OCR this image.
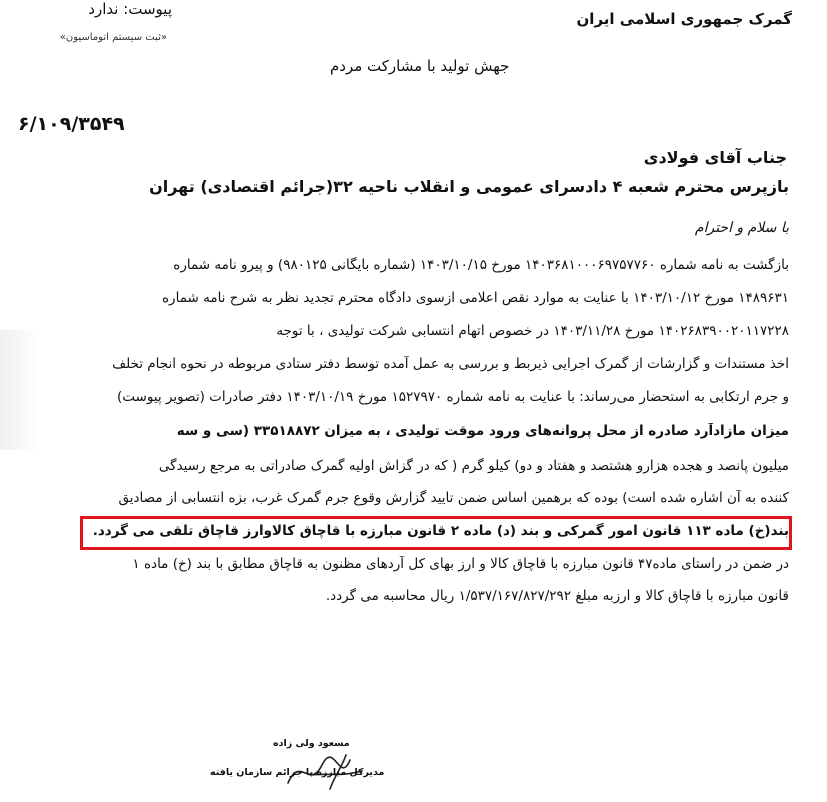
پیوست: ندارد
«ثبت سیستم اتوماسیون»
گمرک جمهوری اسلامی ایران
جهش تولید با مشارکت مردم
۶/۱۰۹/۳۵۴۹
جناب آقای فولادی
بازپرس محترم شعبه ۴ دادسرای عمومی و انقلاب ناحیه ۳۲(جرائم اقتصادی) تهران
با سلام و احترام
بازگشت به نامه شماره ۱۴۰۳۶۸۱۰۰۰۶۹۷۵۷۷۶۰ مورخ ۱۴۰۳/۱۰/۱۵ (شماره بایگانی ۹۸۰۱۲۵) و پیرو نامه شماره
۱۴۸۹۶۳۱ مورخ ۱۴۰۳/۱۰/۱۲ با عنایت به موارد نقص اعلامی ازسوی دادگاه محترم تجدید نظر به شرح نامه شماره
۱۴۰۲۶۸۳۹۰۰۲۰۱۱۷۲۲۸ مورخ ۱۴۰۳/۱۱/۲۸ در خصوص اتهام انتسابی شرکت تولیدی ، با توجه
اخذ مستندات و گزارشات از گمرک اجرایی ذیربط و بررسی به عمل آمده توسط دفتر ستادی مربوطه در نحوه انجام تخلف
و جرم ارتکابی به استحضار می‌رساند: با عنایت به نامه شماره ۱۵۲۷۹۷۰ مورخ ۱۴۰۳/۱۰/۱۹ دفتر صادرات (تصویر پیوست)
میزان مازادآرد صادره از محل پروانه‌های ورود موقت تولیدی ، به میزان ۳۳۵۱۸۸۷۲ (سی و سه
میلیون پانصد و هجده هزارو هشتصد و هفتاد و دو) کیلو گرم ( که در گزاش اولیه گمرک صادراتی به مرجع رسیدگی
کننده به آن اشاره شده است) بوده که برهمین اساس ضمن تایید گزارش وقوع جرم گمرک غرب، بزه انتسابی از مصادیق
بند(خ) ماده ۱۱۳ قانون امور گمرکی و بند (د) ماده ۲ قانون مبارزه با قاچاق کالاوارز قاچاق تلقی می گردد.
در ضمن در راستای ماده۴۷ قانون مبارزه با قاچاق کالا و ارز بهای کل آردهای مظنون به قاچاق مطابق با بند (خ) ماده ۱
قانون مبارزه با قاچاق کالا و ارزبه مبلغ ۱/۵۳۷/۱۶۷/۸۲۷/۲۹۲ ریال محاسبه می گردد.
مسعود ولی زاده
مدیرکل مبارزه با جرائم سازمان یافته
